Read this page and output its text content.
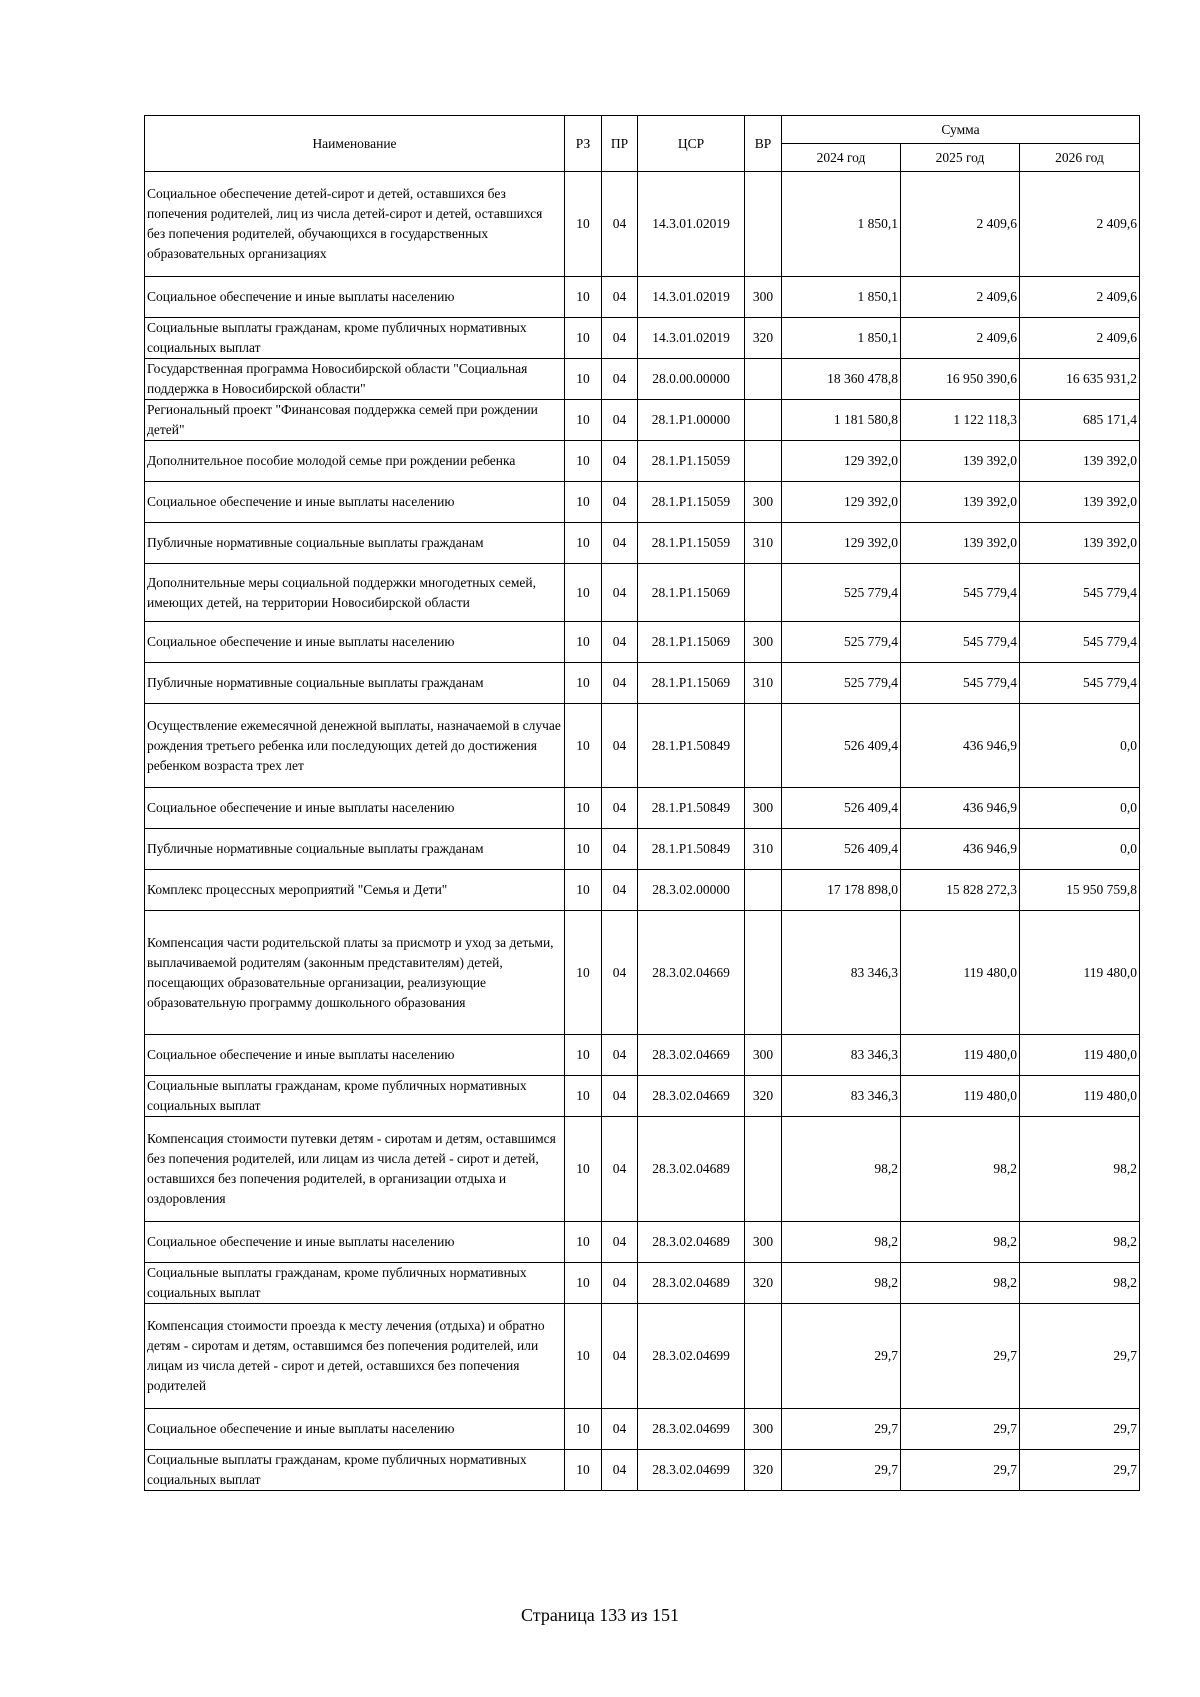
Наименование	РЗ	ПР	ЦСР	ВР	Сумма		
					2024 год	2025 год	2026 год
Социальное обеспечение детей-сирот и детей, оставшихся без попечения родителей, лиц из числа детей-сирот и детей, оставшихся без попечения родителей, обучающихся в государственных образовательных организациях	10	04	14.3.01.02019		1 850,1	2 409,6	2 409,6
Социальное обеспечение и иные выплаты населению	10	04	14.3.01.02019	300	1 850,1	2 409,6	2 409,6
Социальные выплаты гражданам, кроме публичных нормативных социальных выплат	10	04	14.3.01.02019	320	1 850,1	2 409,6	2 409,6
Государственная программа Новосибирской области "Социальная поддержка в Новосибирской области"	10	04	28.0.00.00000		18 360 478,8	16 950 390,6	16 635 931,2
Региональный проект "Финансовая поддержка семей при рождении детей"	10	04	28.1.P1.00000		1 181 580,8	1 122 118,3	685 171,4
Дополнительное пособие молодой семье при рождении ребенка	10	04	28.1.P1.15059		129 392,0	139 392,0	139 392,0
Социальное обеспечение и иные выплаты населению	10	04	28.1.P1.15059	300	129 392,0	139 392,0	139 392,0
Публичные нормативные социальные выплаты гражданам	10	04	28.1.P1.15059	310	129 392,0	139 392,0	139 392,0
Дополнительные меры социальной поддержки многодетных семей, имеющих детей, на территории Новосибирской области	10	04	28.1.P1.15069		525 779,4	545 779,4	545 779,4
Социальное обеспечение и иные выплаты населению	10	04	28.1.P1.15069	300	525 779,4	545 779,4	545 779,4
Публичные нормативные социальные выплаты гражданам	10	04	28.1.P1.15069	310	525 779,4	545 779,4	545 779,4
Осуществление ежемесячной денежной выплаты, назначаемой в случае рождения третьего ребенка или последующих детей до достижения ребенком возраста трех лет	10	04	28.1.P1.50849		526 409,4	436 946,9	0,0
Социальное обеспечение и иные выплаты населению	10	04	28.1.P1.50849	300	526 409,4	436 946,9	0,0
Публичные нормативные социальные выплаты гражданам	10	04	28.1.P1.50849	310	526 409,4	436 946,9	0,0
Комплекс процессных мероприятий "Семья и Дети"	10	04	28.3.02.00000		17 178 898,0	15 828 272,3	15 950 759,8
Компенсация части родительской платы за присмотр и уход за детьми, выплачиваемой родителям (законным представителям) детей, посещающих образовательные организации, реализующие образовательную программу дошкольного образования	10	04	28.3.02.04669		83 346,3	119 480,0	119 480,0
Социальное обеспечение и иные выплаты населению	10	04	28.3.02.04669	300	83 346,3	119 480,0	119 480,0
Социальные выплаты гражданам, кроме публичных нормативных социальных выплат	10	04	28.3.02.04669	320	83 346,3	119 480,0	119 480,0
Компенсация стоимости путевки детям - сиротам и детям, оставшимся без попечения родителей, или лицам из числа детей - сирот и детей, оставшихся без попечения родителей, в организации отдыха и оздоровления	10	04	28.3.02.04689		98,2	98,2	98,2
Социальное обеспечение и иные выплаты населению	10	04	28.3.02.04689	300	98,2	98,2	98,2
Социальные выплаты гражданам, кроме публичных нормативных социальных выплат	10	04	28.3.02.04689	320	98,2	98,2	98,2
Компенсация стоимости проезда к месту лечения (отдыха) и обратно детям - сиротам и детям, оставшимся без попечения родителей, или лицам из числа детей - сирот и детей, оставшихся без попечения родителей	10	04	28.3.02.04699		29,7	29,7	29,7
Социальное обеспечение и иные выплаты населению	10	04	28.3.02.04699	300	29,7	29,7	29,7
Социальные выплаты гражданам, кроме публичных нормативных социальных выплат	10	04	28.3.02.04699	320	29,7	29,7	29,7
Страница 133 из 151
